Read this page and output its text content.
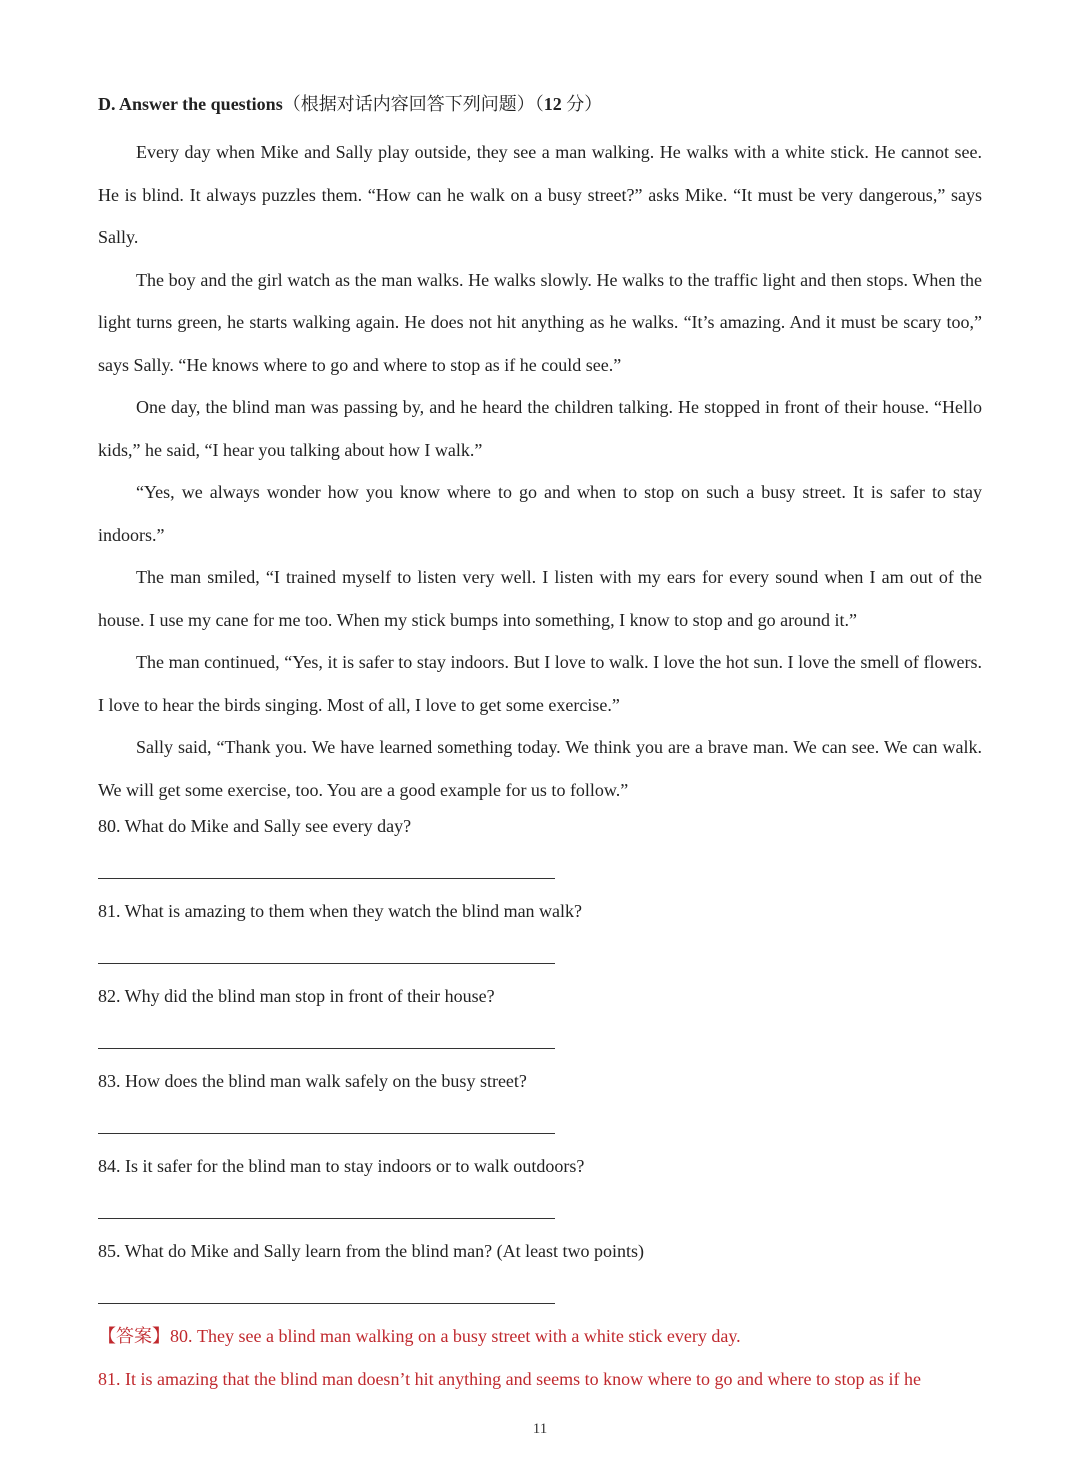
D. Answer the questions（根据对话内容回答下列问题）（12 分）

Every day when Mike and Sally play outside, they see a man walking. He walks with a white stick. He cannot see. He is blind. It always puzzles them. “How can he walk on a busy street?” asks Mike. “It must be very dangerous,” says Sally.

The boy and the girl watch as the man walks. He walks slowly. He walks to the traffic light and then stops. When the light turns green, he starts walking again. He does not hit anything as he walks. “It’s amazing. And it must be scary too,” says Sally. “He knows where to go and where to stop as if he could see.”

One day, the blind man was passing by, and he heard the children talking. He stopped in front of their house. “Hello kids,” he said, “I hear you talking about how I walk.”

“Yes, we always wonder how you know where to go and when to stop on such a busy street. It is safer to stay indoors.”

The man smiled, “I trained myself to listen very well. I listen with my ears for every sound when I am out of the house. I use my cane for me too. When my stick bumps into something, I know to stop and go around it.”

The man continued, “Yes, it is safer to stay indoors. But I love to walk. I love the hot sun. I love the smell of flowers. I love to hear the birds singing. Most of all, I love to get some exercise.”

Sally said, “Thank you. We have learned something today. We think you are a brave man. We can see. We can walk. We will get some exercise, too. You are a good example for us to follow.”

80. What do Mike and Sally see every day?
81. What is amazing to them when they watch the blind man walk?
82. Why did the blind man stop in front of their house?
83. How does the blind man walk safely on the busy street?
84. Is it safer for the blind man to stay indoors or to walk outdoors?
85. What do Mike and Sally learn from the blind man? (At least two points)
【答案】80. They see a blind man walking on a busy street with a white stick every day.
81. It is amazing that the blind man doesn’t hit anything and seems to know where to go and where to stop as if he
11
